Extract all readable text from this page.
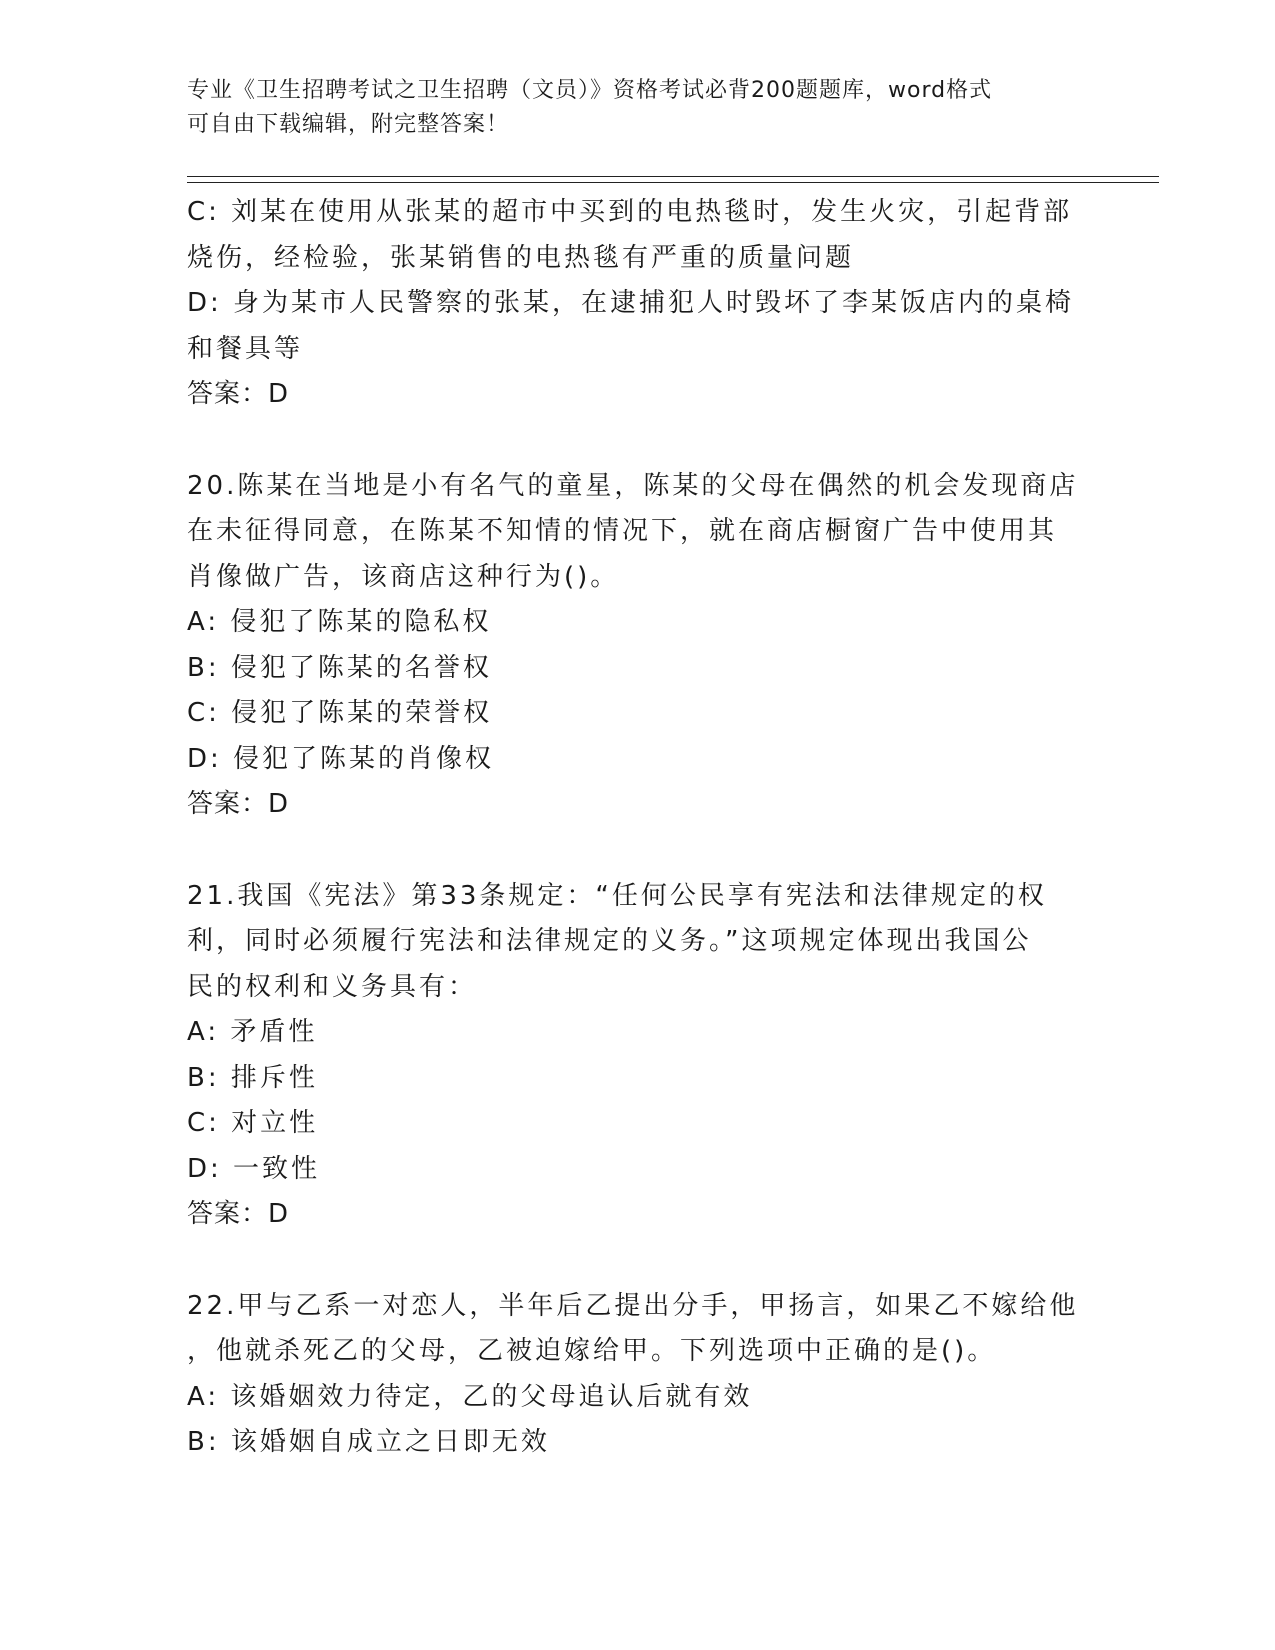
专业《卫生招聘考试之卫生招聘（文员）》资格考试必背200题题库，word格式
可自由下载编辑，附完整答案！
C: 刘某在使用从张某的超市中买到的电热毯时，发生火灾，引起背部
烧伤，经检验，张某销售的电热毯有严重的质量问题
D: 身为某市人民警察的张某，在逮捕犯人时毁坏了李某饭店内的桌椅
和餐具等
答案：D
20.陈某在当地是小有名气的童星，陈某的父母在偶然的机会发现商店
在未征得同意，在陈某不知情的情况下，就在商店橱窗广告中使用其
肖像做广告，该商店这种行为()。
A: 侵犯了陈某的隐私权
B: 侵犯了陈某的名誉权
C: 侵犯了陈某的荣誉权
D: 侵犯了陈某的肖像权
答案：D
21.我国《宪法》第33条规定：“任何公民享有宪法和法律规定的权
利，同时必须履行宪法和法律规定的义务。”这项规定体现出我国公
民的权利和义务具有：
A: 矛盾性
B: 排斥性
C: 对立性
D: 一致性
答案：D
22.甲与乙系一对恋人，半年后乙提出分手，甲扬言，如果乙不嫁给他
，他就杀死乙的父母，乙被迫嫁给甲。下列选项中正确的是()。
A: 该婚姻效力待定，乙的父母追认后就有效
B: 该婚姻自成立之日即无效
